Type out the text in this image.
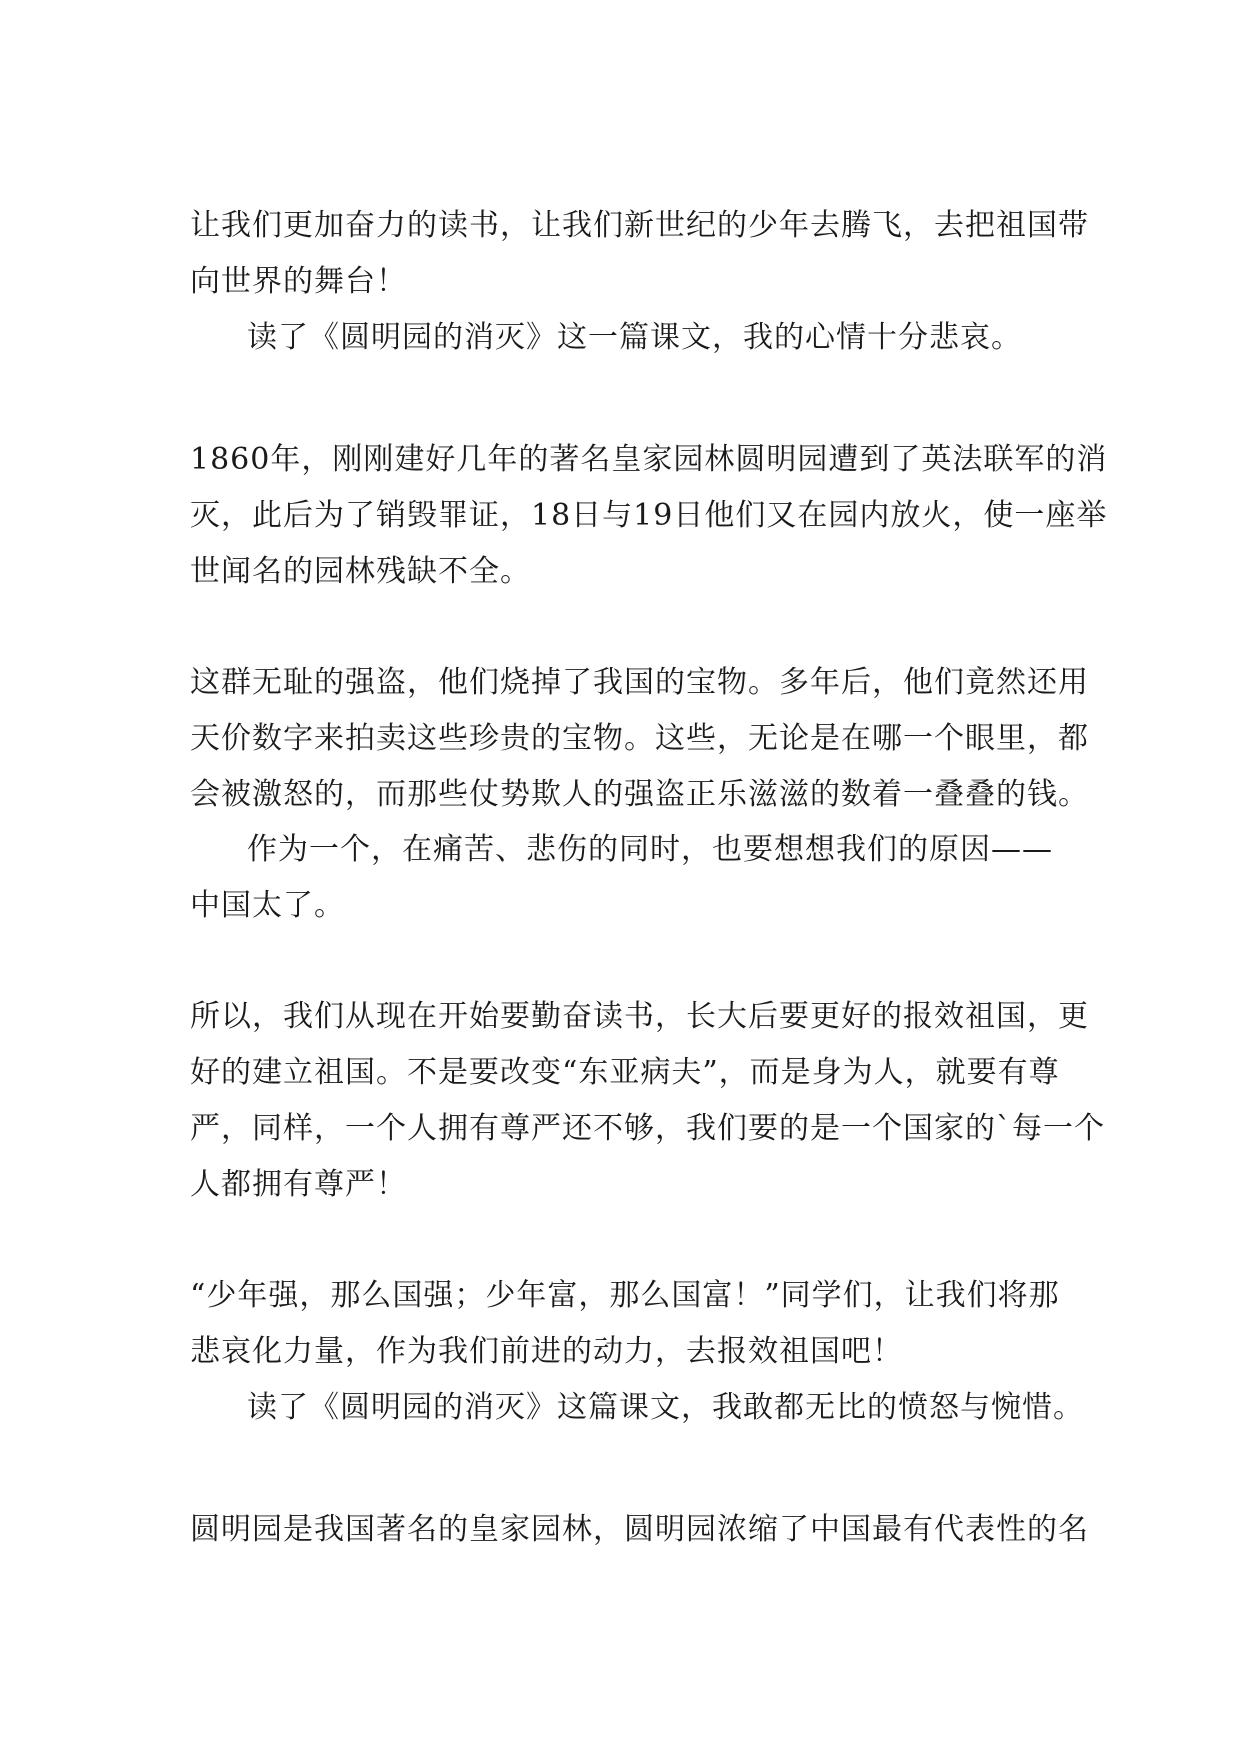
让我们更加奋力的读书，让我们新世纪的少年去腾飞，去把祖国带

向世界的舞台！

读了《圆明园的消灭》这一篇课文，我的心情十分悲哀。

1860年，刚刚建好几年的著名皇家园林圆明园遭到了英法联军的消

灭，此后为了销毁罪证，18日与19日他们又在园内放火，使一座举

世闻名的园林残缺不全。

这群无耻的强盗，他们烧掉了我国的宝物。多年后，他们竟然还用

天价数字来拍卖这些珍贵的宝物。这些，无论是在哪一个眼里，都

会被激怒的，而那些仗势欺人的强盗正乐滋滋的数着一叠叠的钱。

作为一个，在痛苦、悲伤的同时，也要想想我们的原因——

中国太了。

所以，我们从现在开始要勤奋读书，长大后要更好的报效祖国，更

好的建立祖国。不是要改变“东亚病夫”，而是身为人，就要有尊

严，同样，一个人拥有尊严还不够，我们要的是一个国家的`每一个

人都拥有尊严！

“少年强，那么国强；少年富，那么国富！”同学们，让我们将那

悲哀化力量，作为我们前进的动力，去报效祖国吧！

读了《圆明园的消灭》这篇课文，我敢都无比的愤怒与惋惜。

圆明园是我国著名的皇家园林，圆明园浓缩了中国最有代表性的名
